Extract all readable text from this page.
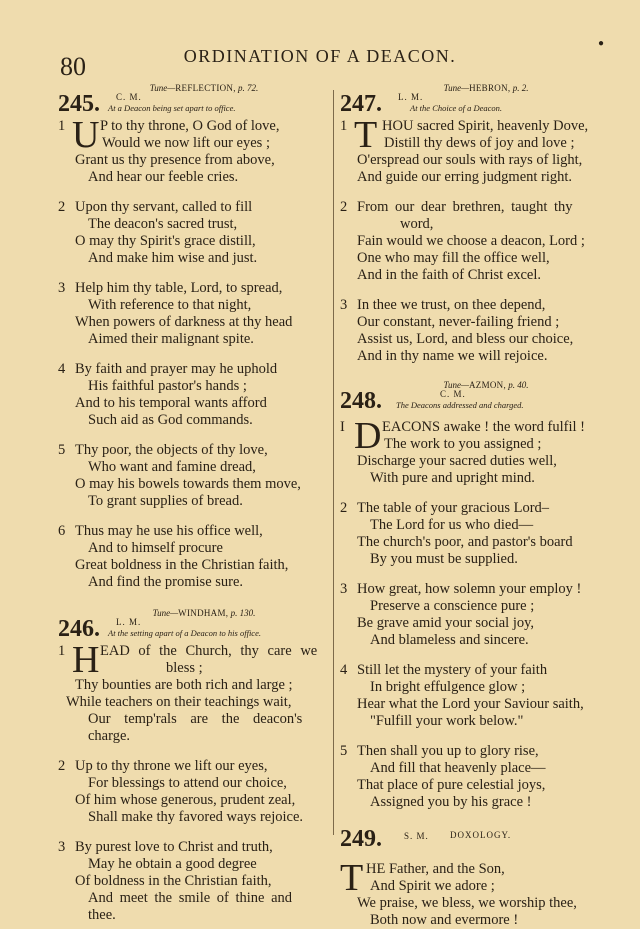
80	ORDINATION OF A DEACON.
●
Tune—REFLECTION, p. 72.
245. C. M.
At a Deacon being set apart to office.
1 U P to thy throne, O God of love,
Would we now lift our eyes ;
Grant us thy presence from above,
And hear our feeble cries.
2 Upon thy servant, called to fill
The deacon's sacred trust,
O may thy Spirit's grace distill,
And make him wise and just.
3 Help him thy table, Lord, to spread,
With reference to that night,
When powers of darkness at thy head
Aimed their malignant spite.
4 By faith and prayer may he uphold
His faithful pastor's hands ;
And to his temporal wants afford
Such aid as God commands.
5 Thy poor, the objects of thy love,
Who want and famine dread,
O may his bowels towards them move,
To grant supplies of bread.
6 Thus may he use his office well,
And to himself procure
Great boldness in the Christian faith,
And find the promise sure.
Tune—WINDHAM, p. 130.
246. L. M.
At the setting apart of a Deacon to his office.
1 H EAD of the Church, thy care we
bless ;
Thy bounties are both rich and large ;
While teachers on their teachings wait,
Our temp'rals are the deacon's
charge.
2 Up to thy throne we lift our eyes,
For blessings to attend our choice,
Of him whose generous, prudent zeal,
Shall make thy favored ways rejoice.
3 By purest love to Christ and truth,
May he obtain a good degree
Of boldness in the Christian faith,
And meet the smile of thine and
thee.
Tune—HEBRON, p. 2.
247. L. M.
At the Choice of a Deacon.
1 T HOU sacred Spirit, heavenly Dove,
Distill thy dews of joy and love ;
O'erspread our souls with rays of light,
And guide our erring judgment right.
2 From our dear brethren, taught thy
word,
Fain would we choose a deacon, Lord ;
One who may fill the office well,
And in the faith of Christ excel.
3 In thee we trust, on thee depend,
Our constant, never-failing friend ;
Assist us, Lord, and bless our choice,
And in thy name we will rejoice.
Tune—AZMON, p. 40.
248.	C. M.
The Deacons addressed and charged.
I D EACONS awake ! the word fulfil !
The work to you assigned ;
Discharge your sacred duties well,
With pure and upright mind.
2 The table of your gracious Lord–
The Lord for us who died—
The church's poor, and pastor's board
By you must be supplied.
3 How great, how solemn your employ !
Preserve a conscience pure ;
Be grave amid your social joy,
And blameless and sincere.
4 Still let the mystery of your faith
In bright effulgence glow ;
Hear what the Lord your Saviour saith,
"Fulfill your work below."
5 Then shall you up to glory rise,
And fill that heavenly place—
That place of pure celestial joys,
Assigned you by his grace !
249. S. M. DOXOLOGY.
T HE Father, and the Son,
And Spirit we adore ;
We praise, we bless, we worship thee,
Both now and evermore !
